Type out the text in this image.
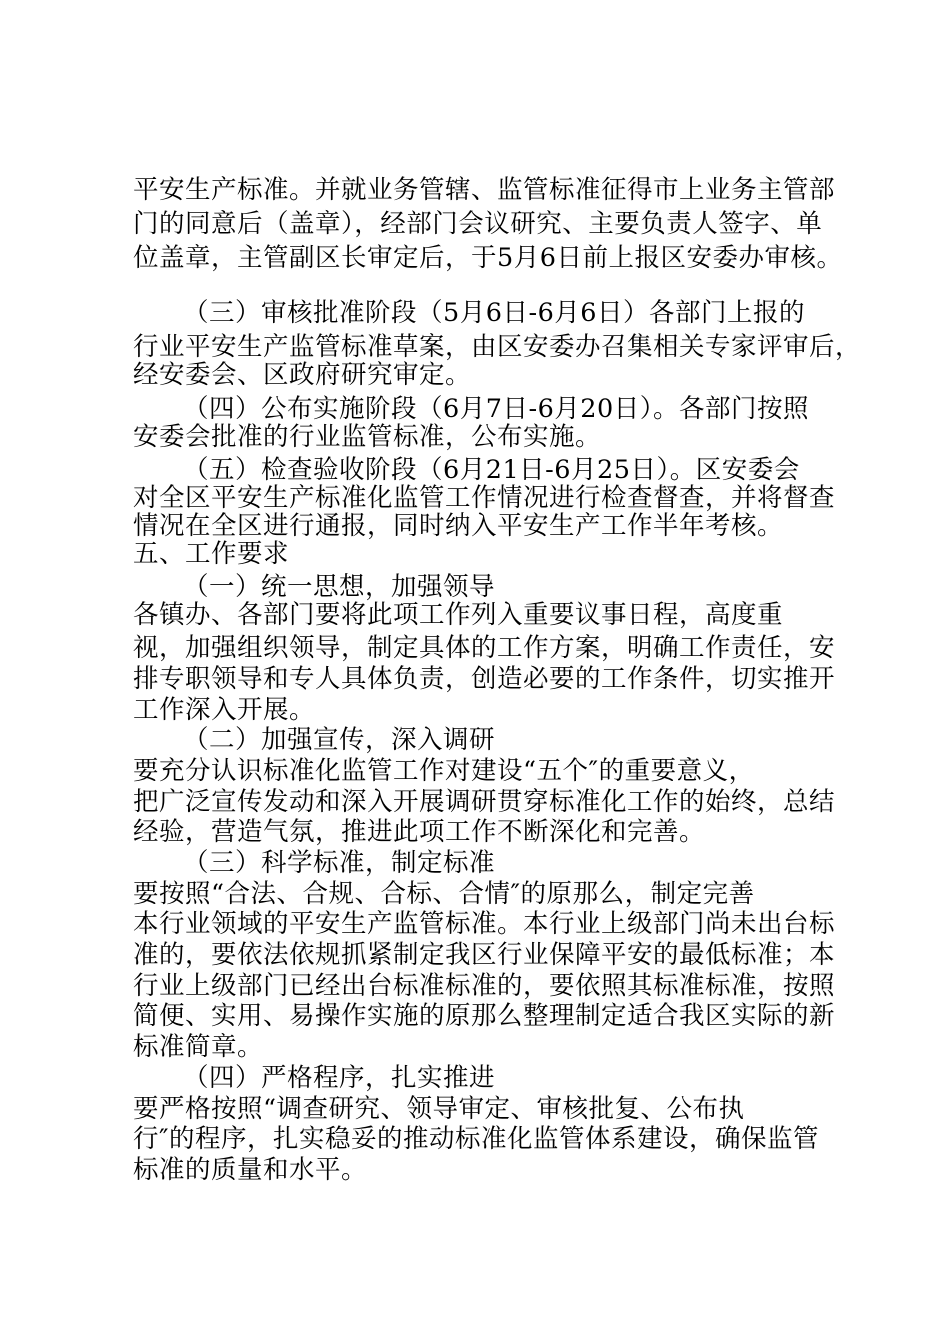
平安生产标准。并就业务管辖、监管标准征得市上业务主管部
门的同意后（盖章），经部门会议研究、主要负责人签字、单
位盖章，主管副区长审定后，于5月6日前上报区安委办审核。
（三）审核批准阶段（5月6日-6月6日）各部门上报的
行业平安生产监管标准草案，由区安委办召集相关专家评审后，
经安委会、区政府研究审定。
（四）公布实施阶段（6月7日-6月20日）。各部门按照
安委会批准的行业监管标准，公布实施。
（五）检查验收阶段（6月21日-6月25日）。区安委会
对全区平安生产标准化监管工作情况进行检查督查，并将督查
情况在全区进行通报，同时纳入平安生产工作半年考核。
五、工作要求
（一）统一思想，加强领导
各镇办、各部门要将此项工作列入重要议事日程，高度重
视，加强组织领导，制定具体的工作方案，明确工作责任，安
排专职领导和专人具体负责，创造必要的工作条件，切实推开
工作深入开展。
（二）加强宣传，深入调研
要充分认识标准化监管工作对建设“五个″的重要意义，
把广泛宣传发动和深入开展调研贯穿标准化工作的始终，总结
经验，营造气氛，推进此项工作不断深化和完善。
（三）科学标准，制定标准
要按照“合法、合规、合标、合情″的原那么，制定完善
本行业领域的平安生产监管标准。本行业上级部门尚未出台标
准的，要依法依规抓紧制定我区行业保障平安的最低标准；本
行业上级部门已经出台标准标准的，要依照其标准标准，按照
简便、实用、易操作实施的原那么整理制定适合我区实际的新
标准简章。
（四）严格程序，扎实推进
要严格按照“调查研究、领导审定、审核批复、公布执
行″的程序，扎实稳妥的推动标准化监管体系建设，确保监管
标准的质量和水平。
